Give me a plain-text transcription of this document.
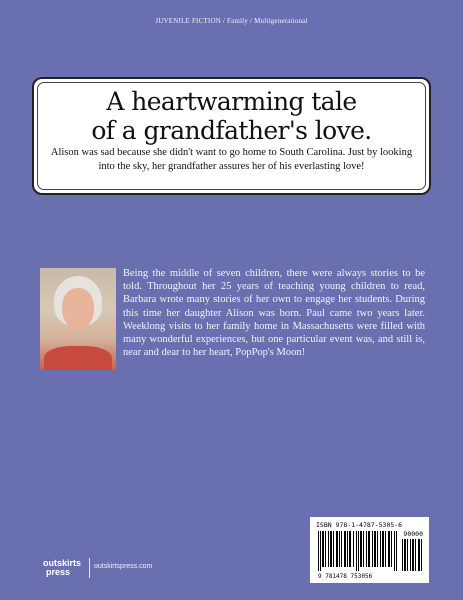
JUVENILE FICTION / Family / Multigenerational
A heartwarming tale
of a grandfather's love.
Alison was sad because she didn't want to go home to South Carolina. Just by looking into the sky, her grandfather assures her of his everlasting love!
Being the middle of seven children, there were always stories to be told. Throughout her 25 years of teaching young children to read, Barbara wrote many stories of her own to engage her students. During this time her daughter Alison was born. Paul came two years later. Weeklong visits to her family home in Massachusetts were filled with many wonderful experiences, but one particular event was, and still is, near and dear to her heart, PopPop's Moon!
ISBN 978-1-4787-5305-6
90000
9 781478 753056
outskirts
press
outskirtspress.com
